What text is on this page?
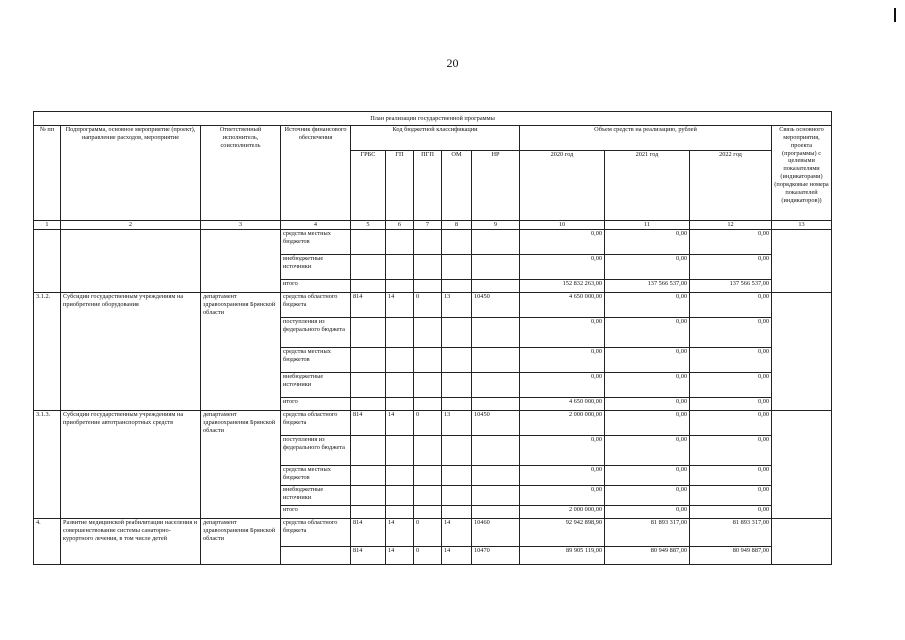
20
План реализации государственной программы												
№ пп	Подпрограмма, основное мероприятие (проект), направление расходов, мероприятие	Ответственный исполнитель, соисполнитель	Источник финансового обеспечения	Код бюджетной классификации					Объем средств на реализацию, рублей			Связь основного мероприятия, проекта (программы) с целевыми показателями (индикаторами) (порядковые номера показателей (индикаторов))
				ГРБС	ГП	ПГП	ОМ	НР	2020 год	2021 год	2022 год	
1	2	3	4	5	6	7	8	9	10	11	12	13
			средства местных бюджетов						0,00	0,00	0,00	
			внебюджетные источники						0,00	0,00	0,00	
			итого						152 832 263,00	137 566 537,00	137 566 537,00	
3.1.2.	Субсидии государственным учреждениям на приобретение оборудования	департамент здравоохранения Брянской области	средства областного бюджета	814	14	0	13	10450	4 650 000,00	0,00	0,00	
			поступления из федерального бюджета						0,00	0,00	0,00	
			средства местных бюджетов						0,00	0,00	0,00	
			внебюджетные источники						0,00	0,00	0,00	
			итого						4 650 000,00	0,00	0,00	
3.1.3.	Субсидии государственным учреждениям на приобретение автотранспортных средств	департамент здравоохранения Брянской области	средства областного бюджета	814	14	0	13	10450	2 000 000,00	0,00	0,00	
			поступления из федерального бюджета						0,00	0,00	0,00	
			средства местных бюджетов						0,00	0,00	0,00	
			внебюджетные источники						0,00	0,00	0,00	
			итого						2 000 000,00	0,00	0,00	
4.	Развитие медицинской реабилитации населения и совершенствование системы санаторно-курортного лечения, в том числе детей	департамент здравоохранения Брянской области	средства областного бюджета	814	14	0	14	10460	92 942 898,90	81 893 317,00	81 893 317,00	
				814	14	0	14	10470	89 905 119,00	80 949 887,00	80 949 887,00	
